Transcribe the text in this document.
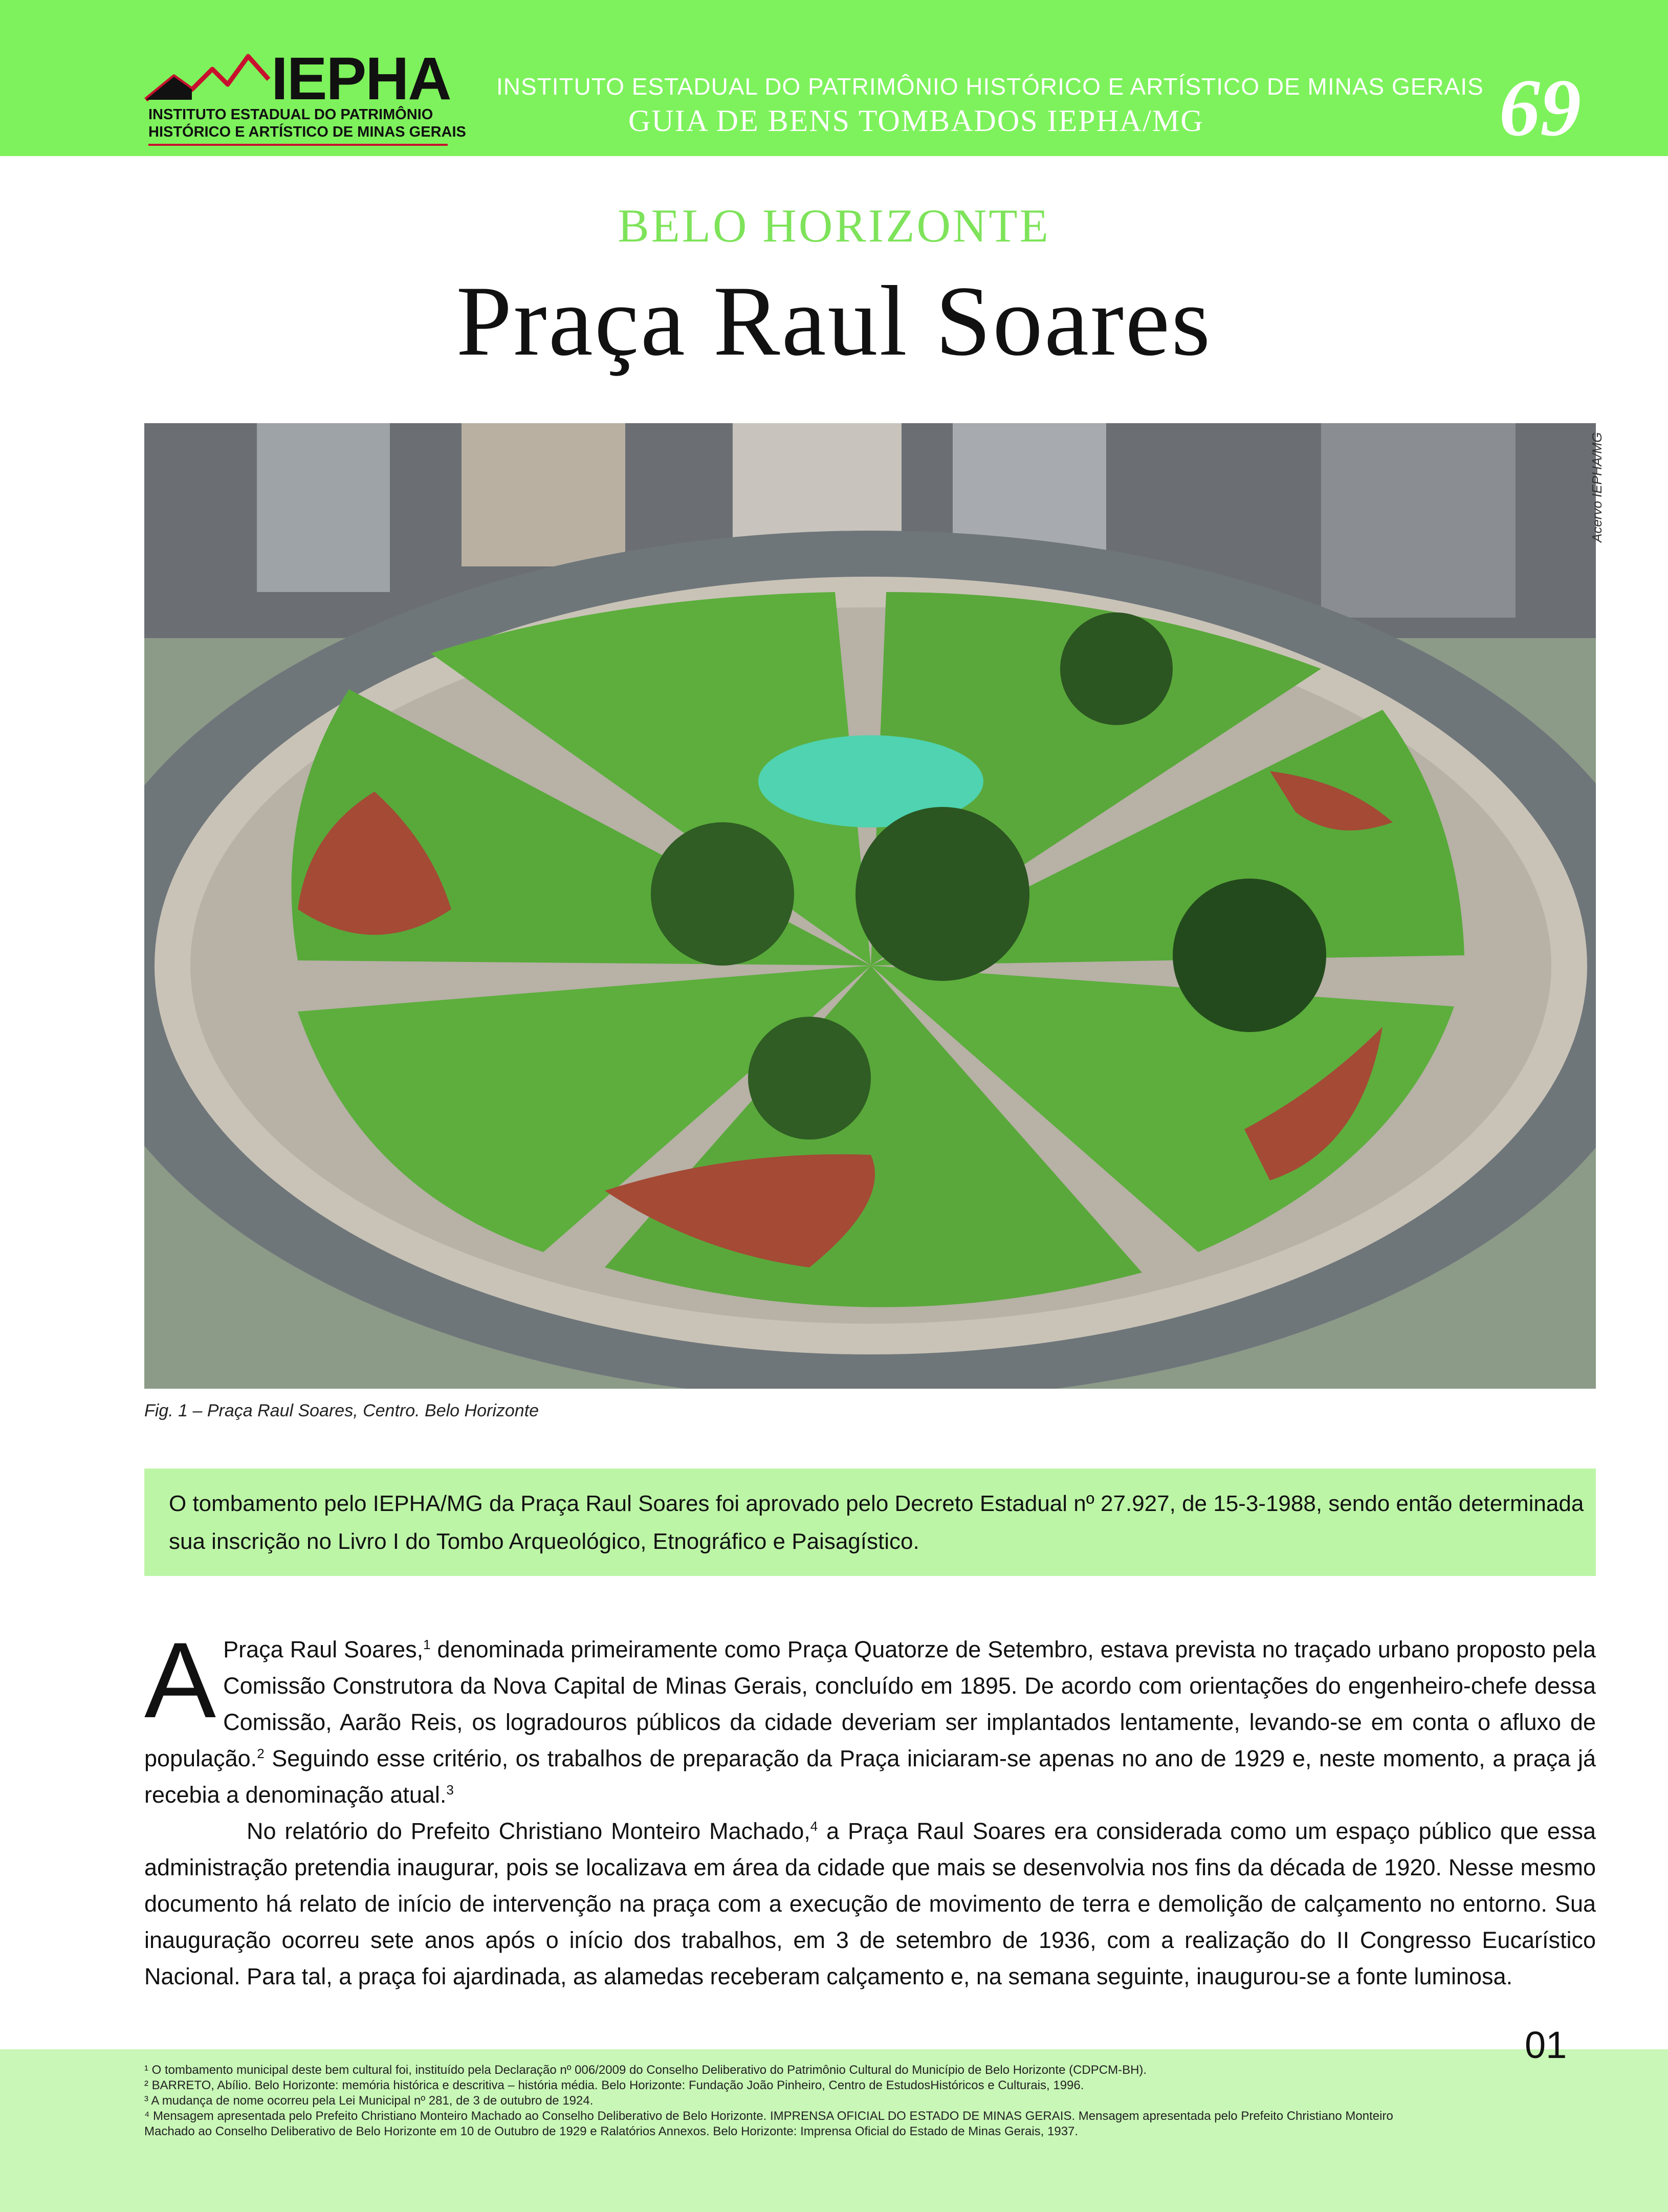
IEPHA
INSTITUTO ESTADUAL DO PATRIMÔNIO
HISTÓRICO E ARTÍSTICO DE MINAS GERAIS
INSTITUTO ESTADUAL DO PATRIMÔNIO HISTÓRICO E ARTÍSTICO DE MINAS GERAIS
GUIA DE BENS TOMBADOS IEPHA/MG	69
BELO HORIZONTE
Praça Raul Soares
Acervo IEPHA/MG
Fig. 1 – Praça Raul Soares, Centro. Belo Horizonte
O tombamento pelo IEPHA/MG da Praça Raul Soares foi aprovado pelo Decreto Estadual nº 27.927, de 15-3-1988, sendo então determinada sua inscrição no Livro I do Tombo Arqueológico, Etnográfico e Paisagístico.

A Praça Raul Soares,$^1$ denominada primeiramente como Praça Quatorze de Setembro, estava prevista no traçado urbano proposto pela Comissão Construtora da Nova Capital de Minas Gerais, concluído em 1895. De acordo com orientações do engenheiro-chefe dessa Comissão, Aarão Reis, os logradouros públicos da cidade deveriam ser implantados lentamente, levando-se em conta o afluxo de população.$^2$ Seguindo esse critério, os trabalhos de preparação da Praça iniciaram-se apenas no ano de 1929 e, neste momento, a praça já recebia a denominação atual.$^3$

No relatório do Prefeito Christiano Monteiro Machado,$^4$ a Praça Raul Soares era considerada como um espaço público que essa administração pretendia inaugurar, pois se localizava em área da cidade que mais se desenvolvia nos fins da década de 1920. Nesse mesmo documento há relato de início de intervenção na praça com a execução de movimento de terra e demolição de calçamento no entorno. Sua inauguração ocorreu sete anos após o início dos trabalhos, em 3 de setembro de 1936, com a realização do II Congresso Eucarístico Nacional. Para tal, a praça foi ajardinada, as alamedas receberam calçamento e, na semana seguinte, inaugurou-se a fonte luminosa.

¹ O tombamento municipal deste bem cultural foi, instituído pela Declaração nº 006/2009 do Conselho Deliberativo do Patrimônio Cultural do Município de Belo Horizonte (CDPCM-BH).
² BARRETO, Abílio. Belo Horizonte: memória histórica e descritiva – história média. Belo Horizonte: Fundação João Pinheiro, Centro de EstudosHistóricos e Culturais, 1996.
³ A mudança de nome ocorreu pela Lei Municipal nº 281, de 3 de outubro de 1924.
⁴ Mensagem apresentada pelo Prefeito Christiano Monteiro Machado ao Conselho Deliberativo de Belo Horizonte. IMPRENSA OFICIAL DO ESTADO DE MINAS GERAIS. Mensagem apresentada pelo Prefeito Christiano Monteiro
Machado ao Conselho Deliberativo de Belo Horizonte em 10 de Outubro de 1929 e Ralatórios Annexos. Belo Horizonte: Imprensa Oficial do Estado de Minas Gerais, 1937.
01
